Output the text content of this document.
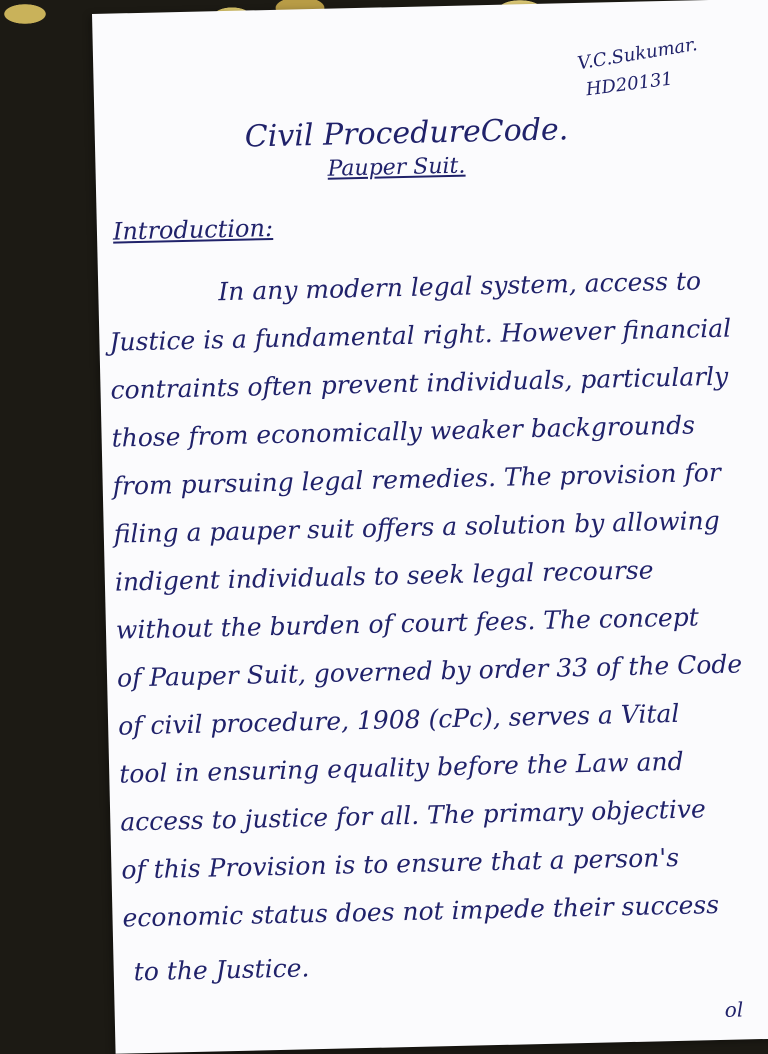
V.C.Sukumar.
HD20131
Civil ProcedureCode.
Pauper Suit.
Introduction:
In any modern legal system, access to
Justice is a fundamental right. However financial
contraints often prevent individuals, particularly
those from economically weaker backgrounds
from pursuing legal remedies. The provision for
filing a pauper suit offers a solution by allowing
indigent individuals to seek legal recourse
without the burden of court fees. The concept
of Pauper Suit, governed by order 33 of the Code
of civil procedure, 1908 (cPc), serves a Vital
tool in ensuring equality before the Law and
access to justice for all. The primary objective
of this Provision is to ensure that a person's
economic status does not impede their success
to the Justice.
ol
